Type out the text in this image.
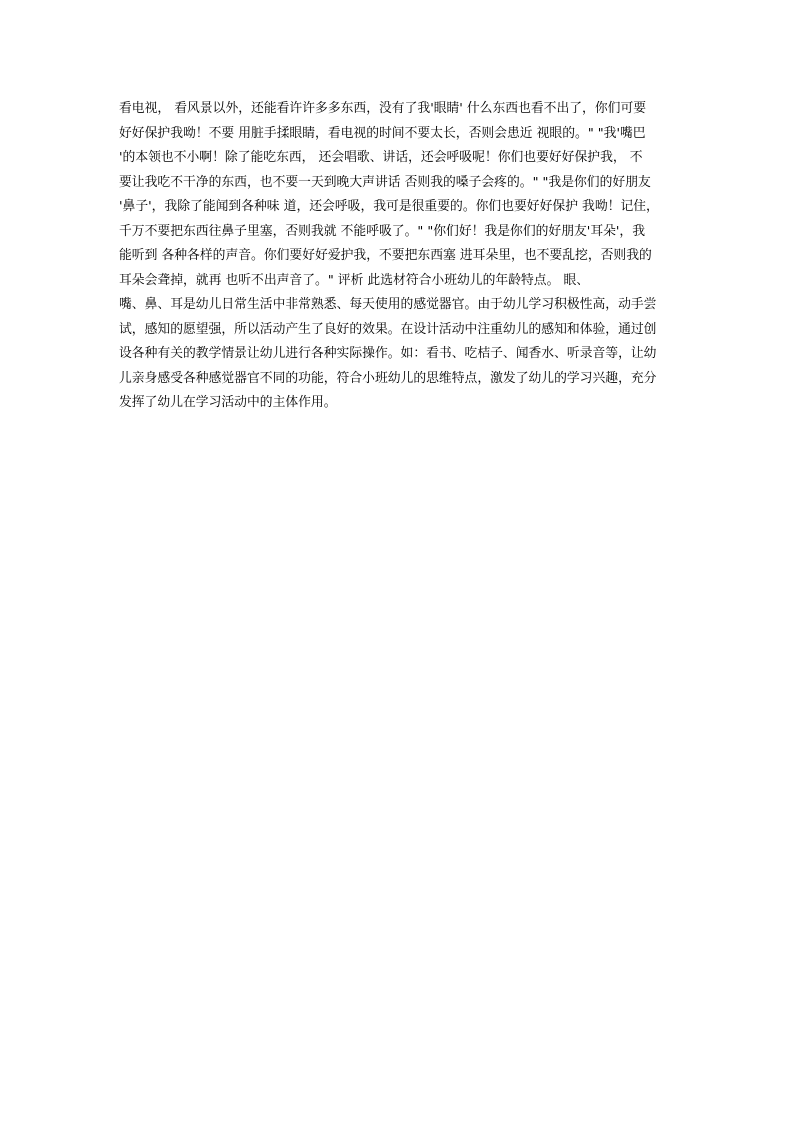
看电视， 看风景以外，还能看许许多多东西，没有了我'眼睛' 什么东西也看不出了，你们可要
好好保护我呦！不要 用脏手揉眼睛，看电视的时间不要太长，否则会患近 视眼的。" "我'嘴巴
'的本领也不小啊！除了能吃东西， 还会唱歌、讲话，还会呼吸呢！你们也要好好保护我， 不
要让我吃不干净的东西，也不要一天到晚大声讲话 否则我的嗓子会疼的。" "我是你们的好朋友
'鼻子'，我除了能闻到各种味 道，还会呼吸，我可是很重要的。你们也要好好保护 我呦！记住，
千万不要把东西往鼻子里塞，否则我就 不能呼吸了。" "你们好！我是你们的好朋友'耳朵'，我
能听到 各种各样的声音。你们要好好爱护我，不要把东西塞 进耳朵里，也不要乱挖，否则我的
耳朵会聋掉，就再 也听不出声音了。" 评析 此选材符合小班幼儿的年龄特点。 眼、
嘴、鼻、耳是幼儿日常生活中非常熟悉、每天使用的感觉器官。由于幼儿学习积极性高，动手尝
试，感知的愿望强，所以活动产生了良好的效果。在设计活动中注重幼儿的感知和体验，通过创
设各种有关的教学情景让幼儿进行各种实际操作。如：看书、吃桔子、闻香水、听录音等，让幼
儿亲身感受各种感觉器官不同的功能，符合小班幼儿的思维特点，激发了幼儿的学习兴趣，充分
发挥了幼儿在学习活动中的主体作用。
